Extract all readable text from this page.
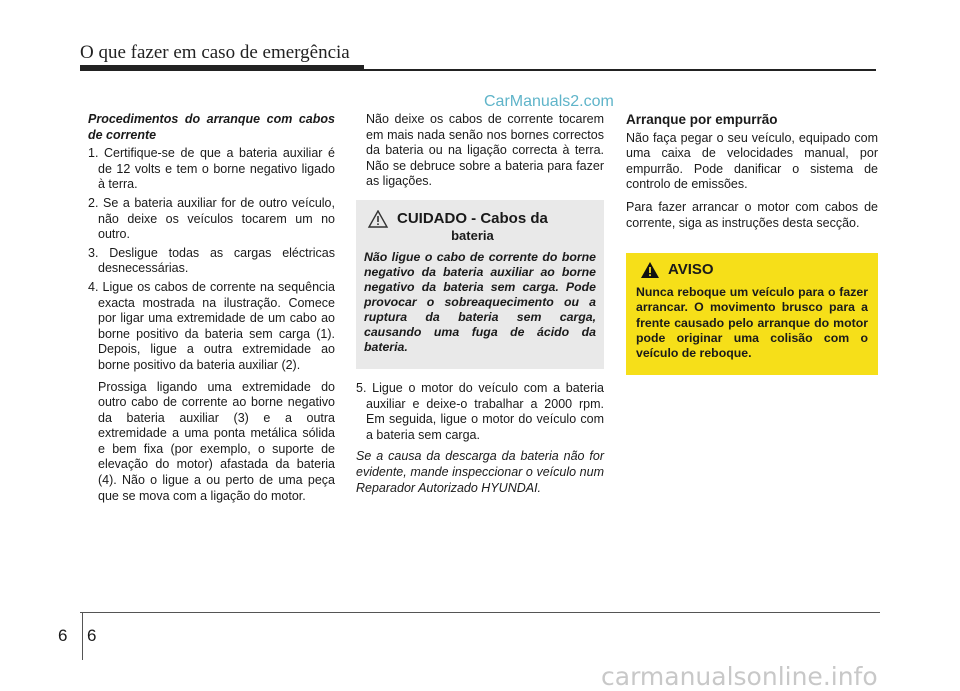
O que fazer em caso de emergência
CarManuals2.com

Procedimentos do arranque com cabos de corrente

1. Certifique-se de que a bateria auxiliar é de 12 volts e tem o borne negativo ligado à terra.
2. Se a bateria auxiliar for de outro veículo, não deixe os veículos tocarem um no outro.
3. Desligue todas as cargas eléctricas desnecessárias.
4. Ligue os cabos de corrente na sequência exacta mostrada na ilustração. Comece por ligar uma extremidade de um cabo ao borne positivo da bateria sem carga (1). Depois, ligue a outra extremidade ao borne positivo da bateria auxiliar (2).

Prossiga ligando uma extremidade do outro cabo de corrente ao borne negativo da bateria auxiliar (3) e a outra extremidade a uma ponta metálica sólida e bem fixa (por exemplo, o suporte de elevação do motor) afastada da bateria (4). Não o ligue a ou perto de uma peça que se mova com a ligação do motor.

Não deixe os cabos de corrente tocarem em mais nada senão nos bornes correctos da bateria ou na ligação correcta à terra. Não se debruce sobre a bateria para fazer as ligações.

CUIDADO - Cabos da
bateria
Não ligue o cabo de corrente do borne negativo da bateria auxiliar ao borne negativo da bateria sem carga. Pode provocar o sobreaquecimento ou a ruptura da bateria sem carga, causando uma fuga de ácido da bateria.
5. Ligue o motor do veículo com a bateria auxiliar e deixe-o trabalhar a 2000 rpm. Em seguida, ligue o motor do veículo com a bateria sem carga.

Se a causa da descarga da bateria não for evidente, mande inspeccionar o veículo num Reparador Autorizado HYUNDAI.

Arranque por empurrão

Não faça pegar o seu veículo, equipado com uma caixa de velocidades manual, por empurrão. Pode danificar o sistema de controlo de emissões.

Para fazer arrancar o motor com cabos de corrente, siga as instruções desta secção.

AVISO
Nunca reboque um veículo para o fazer arrancar. O movimento brusco para a frente causado pelo arranque do motor pode originar uma colisão com o veículo de reboque.
6 6
carmanualsonline.info
